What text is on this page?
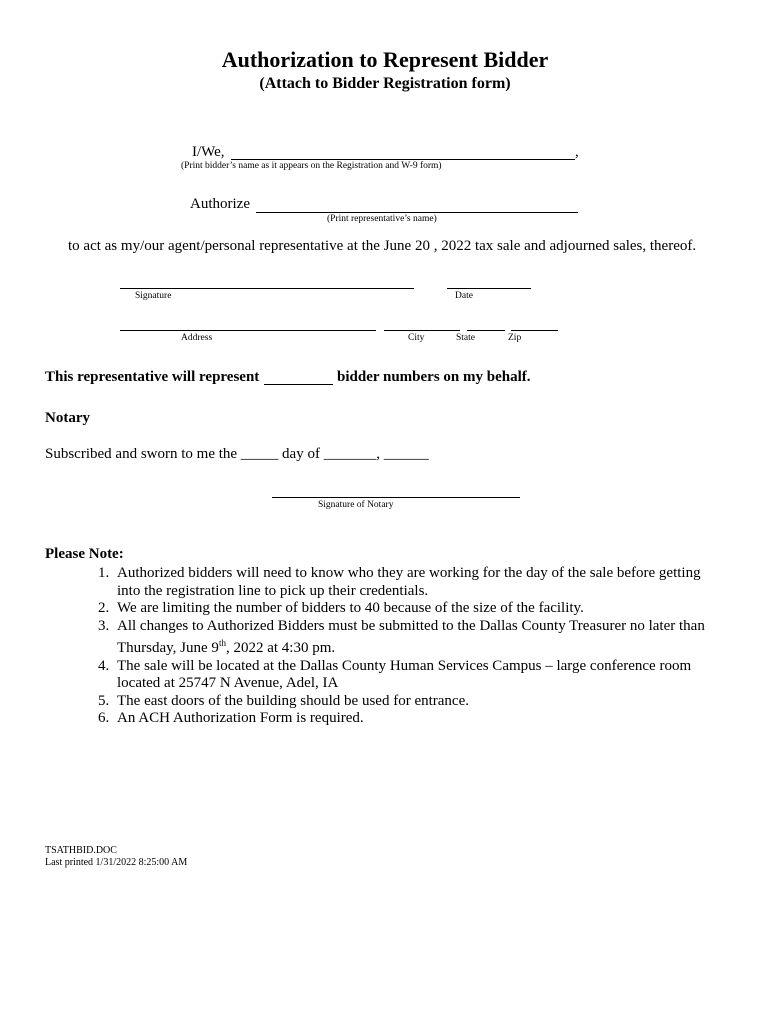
Authorization to Represent Bidder
(Attach to Bidder Registration form)
I/We,	,
(Print bidder’s name as it appears on the Registration and W-9 form)
Authorize
(Print representative’s name)
to act as my/our agent/personal representative at the June 20 , 2022 tax sale and adjourned sales, thereof.
Signature	Date
Address	City	State	Zip
This representative will represent	bidder numbers on my behalf.
Notary
Subscribed and sworn to me the _____ day of _______, ______
Signature of Notary
Please Note:
1. Authorized bidders will need to know who they are working for the day of the sale before getting into the registration line to pick up their credentials.
2. We are limiting the number of bidders to 40 because of the size of the facility.
3. All changes to Authorized Bidders must be submitted to the Dallas County Treasurer no later than Thursday, June 9th, 2022 at 4:30 pm.
4. The sale will be located at the Dallas County Human Services Campus – large conference room located at 25747 N Avenue, Adel, IA
5. The east doors of the building should be used for entrance.
6. An ACH Authorization Form is required.
TSATHBID.DOC
Last printed 1/31/2022 8:25:00 AM
